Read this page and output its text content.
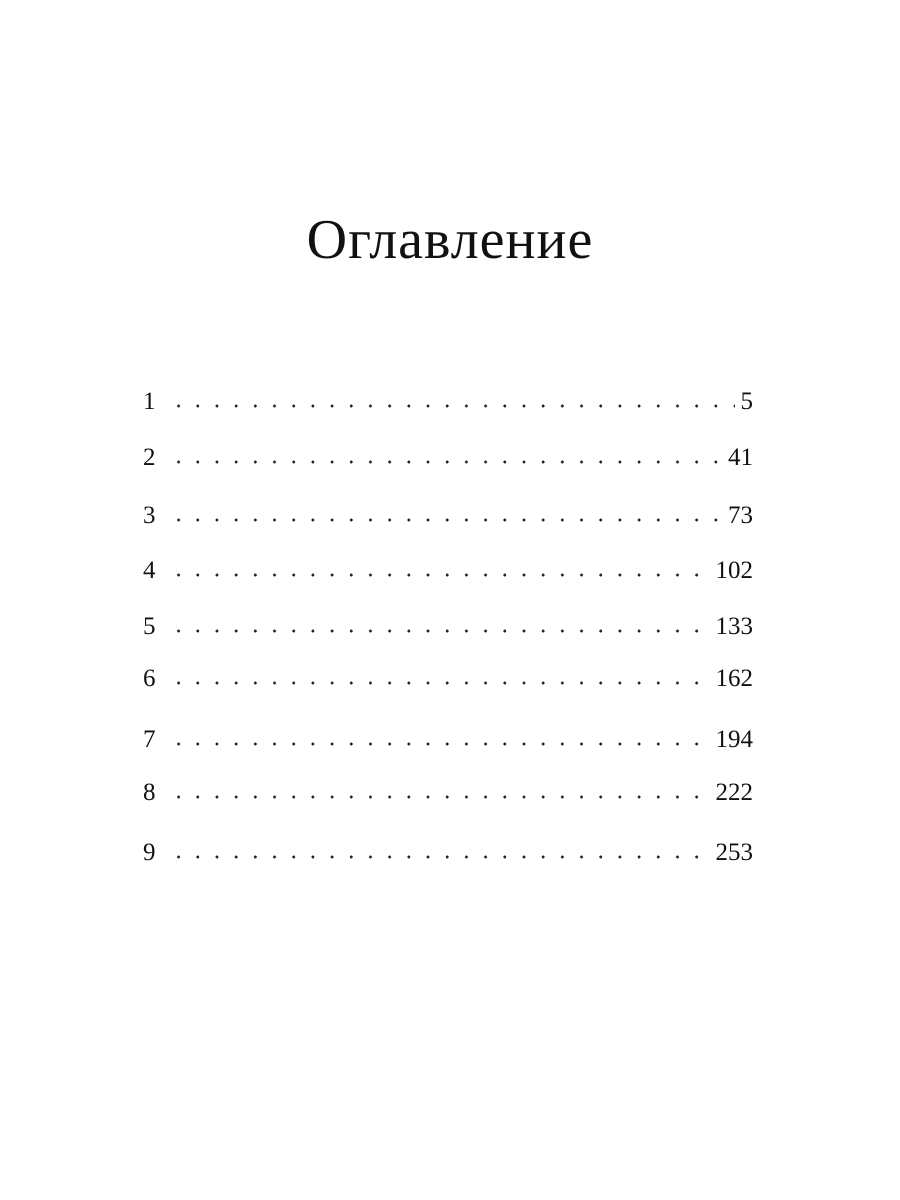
Оглавление
1	5
2	41
3	73
4	102
5	133
6	162
7	194
8	222
9	253
